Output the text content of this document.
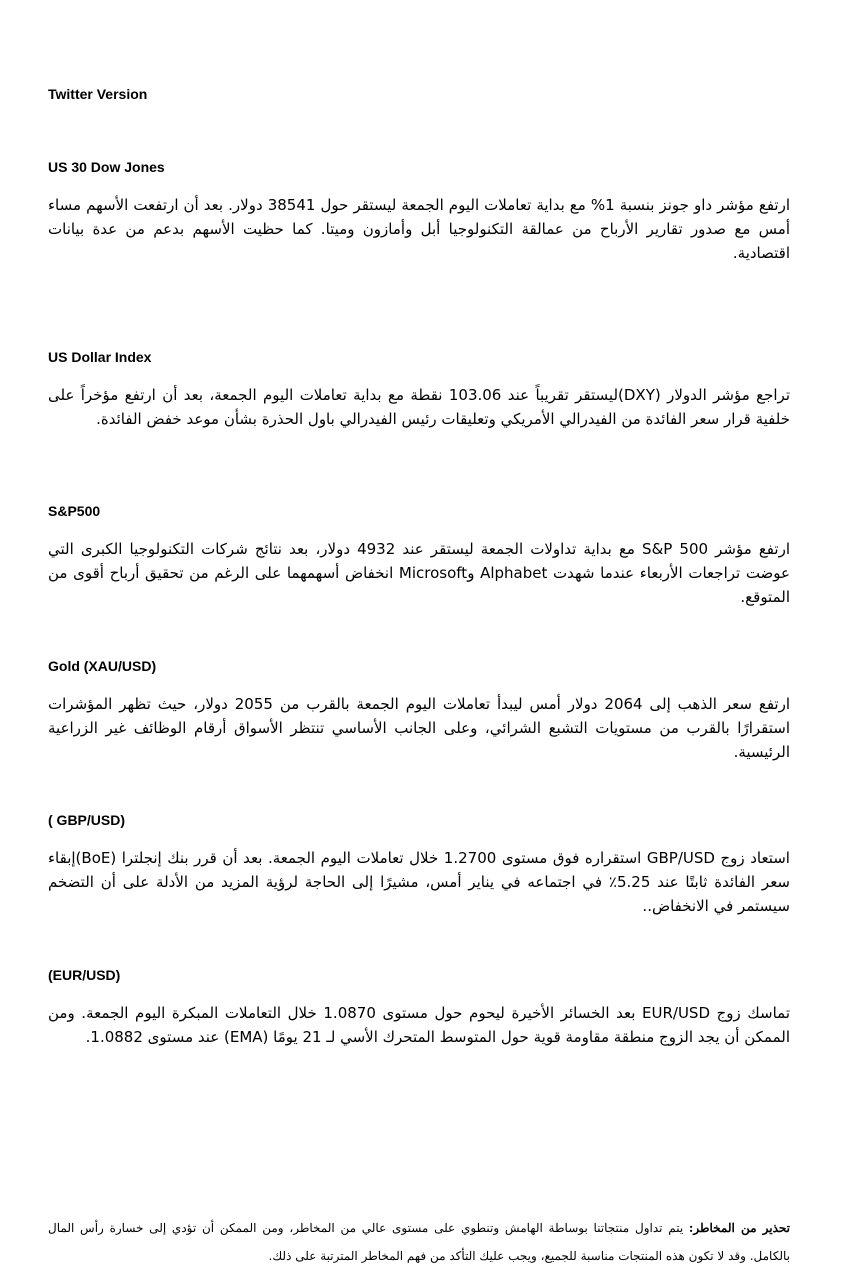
Twitter Version
US 30 Dow Jones
ارتفع مؤشر داو جونز بنسبة 1% مع بداية تعاملات اليوم الجمعة ليستقر حول 38541 دولار. بعد أن ارتفعت الأسهم مساء أمس مع صدور تقارير الأرباح من عمالقة التكنولوجيا أبل وأمازون وميتا. كما حظيت الأسهم بدعم من عدة بيانات اقتصادية.
US Dollar Index
تراجع مؤشر الدولار (DXY)ليستقر تقريباً عند 103.06 نقطة مع بداية تعاملات اليوم الجمعة، بعد أن ارتفع مؤخراً على خلفية قرار سعر الفائدة من الفيدرالي الأمريكي وتعليقات رئيس الفيدرالي باول الحذرة بشأن موعد خفض الفائدة.
S&P500
ارتفع مؤشر S&P 500 مع بداية تداولات الجمعة ليستقر عند 4932 دولار، بعد نتائج شركات التكنولوجيا الكبرى التي عوضت تراجعات الأربعاء عندما شهدت Alphabet وMicrosoft انخفاض أسهمهما على الرغم من تحقيق أرباح أقوى من المتوقع.
Gold (XAU/USD)
ارتفع سعر الذهب إلى 2064 دولار أمس ليبدأ تعاملات اليوم الجمعة بالقرب من 2055 دولار، حيث تظهر المؤشرات استقرارًا بالقرب من مستويات التشبع الشرائي، وعلى الجانب الأساسي تنتظر الأسواق أرقام الوظائف غير الزراعية الرئيسية.
( GBP/USD)
استعاد زوج GBP/USD استقراره فوق مستوى 1.2700 خلال تعاملات اليوم الجمعة. بعد أن قرر بنك إنجلترا (BoE)إبقاء سعر الفائدة ثابتًا عند 5.25٪ في اجتماعه في يناير أمس، مشيرًا إلى الحاجة لرؤية المزيد من الأدلة على أن التضخم سيستمر في الانخفاض..
(EUR/USD)
تماسك زوج EUR/USD بعد الخسائر الأخيرة ليحوم حول مستوى 1.0870 خلال التعاملات المبكرة اليوم الجمعة. ومن الممكن أن يجد الزوج منطقة مقاومة قوية حول المتوسط المتحرك الأسي لـ 21 يومًا (EMA) عند مستوى 1.0882.
تحذير من المخاطر: يتم تداول منتجاتنا بوساطة الهامش وتنطوي على مستوى عالي من المخاطر، ومن الممكن أن تؤدي إلى خسارة رأس المال بالكامل. وقد لا تكون هذه المنتجات مناسبة للجميع، ويجب عليك التأكد من فهم المخاطر المترتبة على ذلك.
